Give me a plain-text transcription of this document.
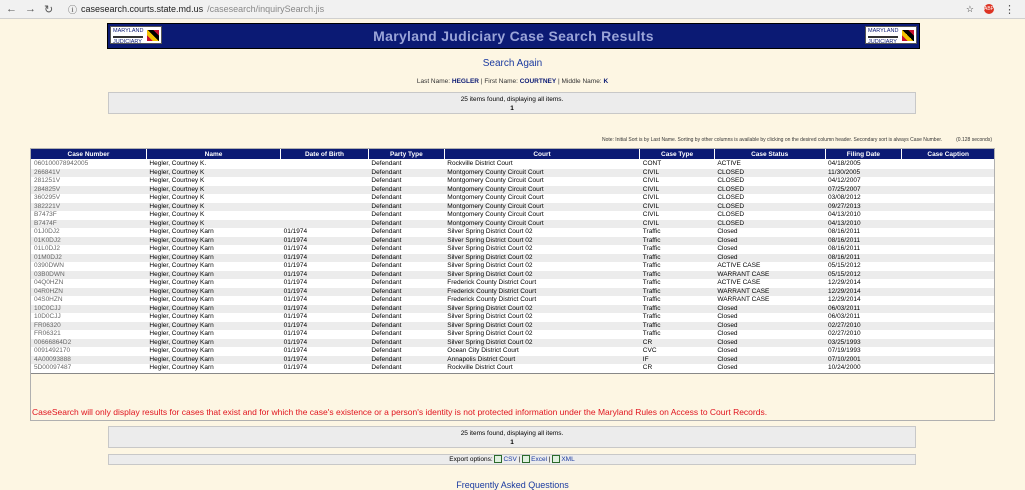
← → ↻ ⓘ casesearch.courts.state.md.us /casesearch/inquirySearch.jis	☆ ABP ⋮
MARYLAND
JUDICIARY	Maryland Judiciary Case Search Results	MARYLAND
JUDICIARY
Search Again
Last Name: HEGLER | First Name: COURTNEY | Middle Name: K
25 items found, displaying all items.
1
Note: Initial Sort is by Last Name. Sorting by other columns is available by clicking on the desired column header. Secondary sort is always Case Number.	(0.128 seconds)
Case Number	Name	Date of Birth	Party Type	Court	Case Type	Case Status	Filing Date	Case Caption
060100078942005	Hegler, Courtney K.		Defendant	Rockville District Court	CONT	ACTIVE	04/18/2005	
266841V	Hegler, Courtney K		Defendant	Montgomery County Circuit Court	CIVIL	CLOSED	11/30/2005	
281251V	Hegler, Courtney K		Defendant	Montgomery County Circuit Court	CIVIL	CLOSED	04/12/2007	
284825V	Hegler, Courtney K		Defendant	Montgomery County Circuit Court	CIVIL	CLOSED	07/25/2007	
360295V	Hegler, Courtney K		Defendant	Montgomery County Circuit Court	CIVIL	CLOSED	03/08/2012	
382221V	Hegler, Courtney K		Defendant	Montgomery County Circuit Court	CIVIL	CLOSED	09/27/2013	
B7473F	Hegler, Courtney K		Defendant	Montgomery County Circuit Court	CIVIL	CLOSED	04/13/2010	
B7474F	Hegler, Courtney K		Defendant	Montgomery County Circuit Court	CIVIL	CLOSED	04/13/2010	
01J0DJ2	Hegler, Courtney Karn	01/1974	Defendant	Silver Spring District Court 02	Traffic	Closed	08/16/2011	
01K0DJ2	Hegler, Courtney Karn	01/1974	Defendant	Silver Spring District Court 02	Traffic	Closed	08/16/2011	
01L0DJ2	Hegler, Courtney Karn	01/1974	Defendant	Silver Spring District Court 02	Traffic	Closed	08/16/2011	
01M0DJ2	Hegler, Courtney Karn	01/1974	Defendant	Silver Spring District Court 02	Traffic	Closed	08/16/2011	
0390DWN	Hegler, Courtney Karn	01/1974	Defendant	Silver Spring District Court 02	Traffic	ACTIVE CASE	05/15/2012	
03B0DWN	Hegler, Courtney Karn	01/1974	Defendant	Silver Spring District Court 02	Traffic	WARRANT CASE	05/15/2012	
04Q0HZN	Hegler, Courtney Karn	01/1974	Defendant	Frederick County District Court	Traffic	ACTIVE CASE	12/29/2014	
04R0HZN	Hegler, Courtney Karn	01/1974	Defendant	Frederick County District Court	Traffic	WARRANT CASE	12/29/2014	
04S0HZN	Hegler, Courtney Karn	01/1974	Defendant	Frederick County District Court	Traffic	WARRANT CASE	12/29/2014	
10C0CJJ	Hegler, Courtney Karn	01/1974	Defendant	Silver Spring District Court 02	Traffic	Closed	06/03/2011	
10D0CJJ	Hegler, Courtney Karn	01/1974	Defendant	Silver Spring District Court 02	Traffic	Closed	06/03/2011	
FR06320	Hegler, Courtney Karn	01/1974	Defendant	Silver Spring District Court 02	Traffic	Closed	02/27/2010	
FR06321	Hegler, Courtney Karn	01/1974	Defendant	Silver Spring District Court 02	Traffic	Closed	02/27/2010	
00666864D2	Hegler, Courtney Karn	01/1974	Defendant	Silver Spring District Court 02	CR	Closed	03/25/1993	
0091492170	Hegler, Courtney Karn	01/1974	Defendant	Ocean City District Court	CVC	Closed	07/19/1993	
4A00093888	Hegler, Courtney Karn	01/1974	Defendant	Annapolis District Court	IF	Closed	07/10/2001	
5D00097487	Hegler, Courtney Karn	01/1974	Defendant	Rockville District Court	CR	Closed	10/24/2000	
CaseSearch will only display results for cases that exist and for which the case's existence or a person's identity is not protected information under the Maryland Rules on Access to Court Records.
25 items found, displaying all items.
1
Export options: CSV | Excel | XML
Frequently Asked Questions
